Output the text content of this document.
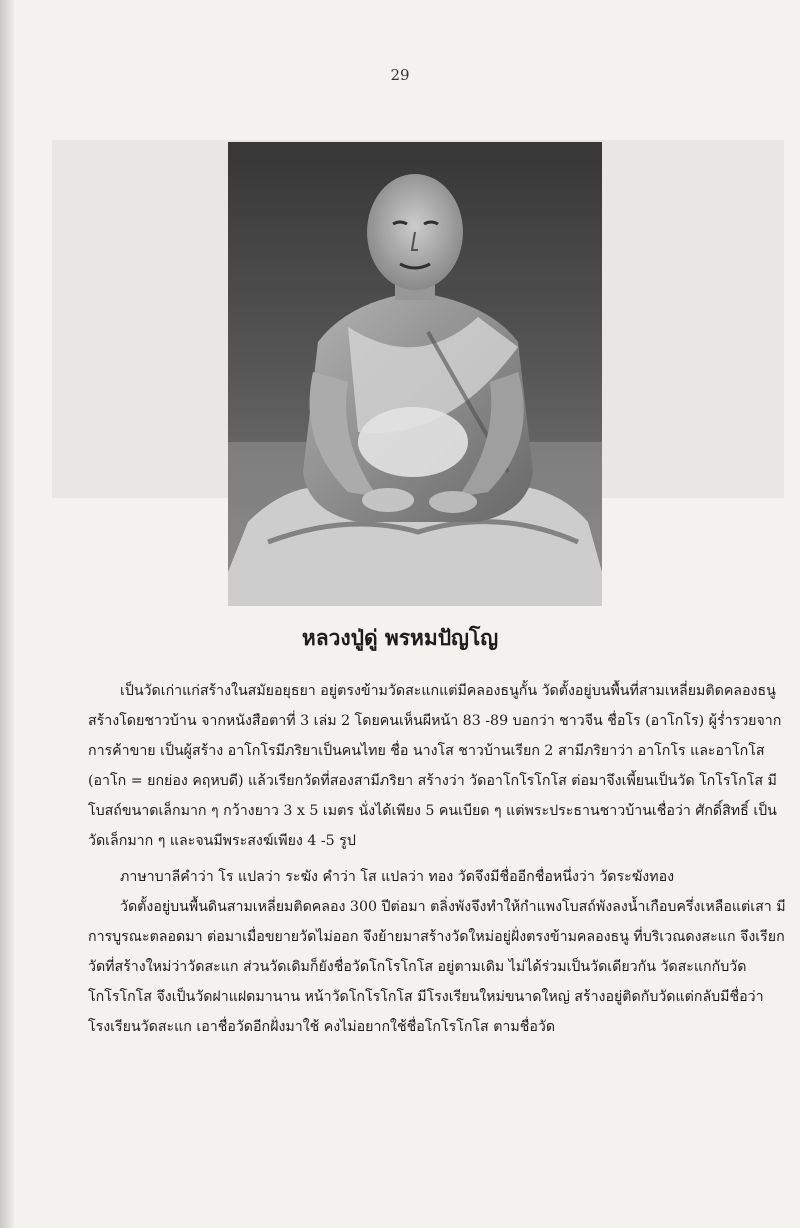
29
หลวงปู่ดู่ พรหมปัญโญ

เป็นวัดเก่าแก่สร้างในสมัยอยุธยา อยู่ตรงข้ามวัดสะแกแต่มีคลองธนูกั้น วัดตั้งอยู่บนพื้นที่สามเหลี่ยมติดคลองธนู สร้างโดยชาวบ้าน จากหนังสือตาที่ 3 เล่ม 2 โดยคนเห็นผีหน้า 83 -89 บอกว่า ชาวจีน ชื่อโร (อาโกโร) ผู้ร่ำรวยจากการค้าขาย เป็นผู้สร้าง อาโกโรมีภริยาเป็นคนไทย ชื่อ นางโส ชาวบ้านเรียก 2 สามีภริยาว่า อาโกโร และอาโกโส (อาโก = ยกย่อง คฤหบดี) แล้วเรียกวัดที่สองสามีภริยา สร้างว่า วัดอาโกโรโกโส ต่อมาจึงเพี้ยนเป็นวัด โกโรโกโส มีโบสถ์ขนาดเล็กมาก ๆ กว้างยาว 3 x 5 เมตร นั่งได้เพียง 5 คนเบียด ๆ แต่พระประธานชาวบ้านเชื่อว่า ศักดิ์สิทธิ์ เป็นวัดเล็กมาก ๆ และจนมีพระสงฆ์เพียง 4 -5 รูป

ภาษาบาลีคำว่า โร แปลว่า ระฆัง คำว่า โส แปลว่า ทอง วัดจึงมีชื่ออีกชื่อหนึ่งว่า วัดระฆังทอง

วัดตั้งอยู่บนพื้นดินสามเหลี่ยมติดคลอง 300 ปีต่อมา ตลิ่งพังจึงทำให้กำแพงโบสถ์พังลงน้ำเกือบครึ่งเหลือแต่เสา มีการบูรณะตลอดมา ต่อมาเมื่อขยายวัดไม่ออก จึงย้ายมาสร้างวัดใหม่อยู่ฝั่งตรงข้ามคลองธนู ที่บริเวณดงสะแก จึงเรียกวัดที่สร้างใหม่ว่าวัดสะแก ส่วนวัดเดิมก็ยังชื่อวัดโกโรโกโส อยู่ตามเดิม ไม่ได้ร่วมเป็นวัดเดียวกัน วัดสะแกกับวัดโกโรโกโส จึงเป็นวัดฝาแฝดมานาน หน้าวัดโกโรโกโส มีโรงเรียนใหม่ขนาดใหญ่ สร้างอยู่ติดกับวัดแต่กลับมีชื่อว่า โรงเรียนวัดสะแก เอาชื่อวัดอีกฝั่งมาใช้ คงไม่อยากใช้ชื่อโกโรโกโส ตามชื่อวัด
